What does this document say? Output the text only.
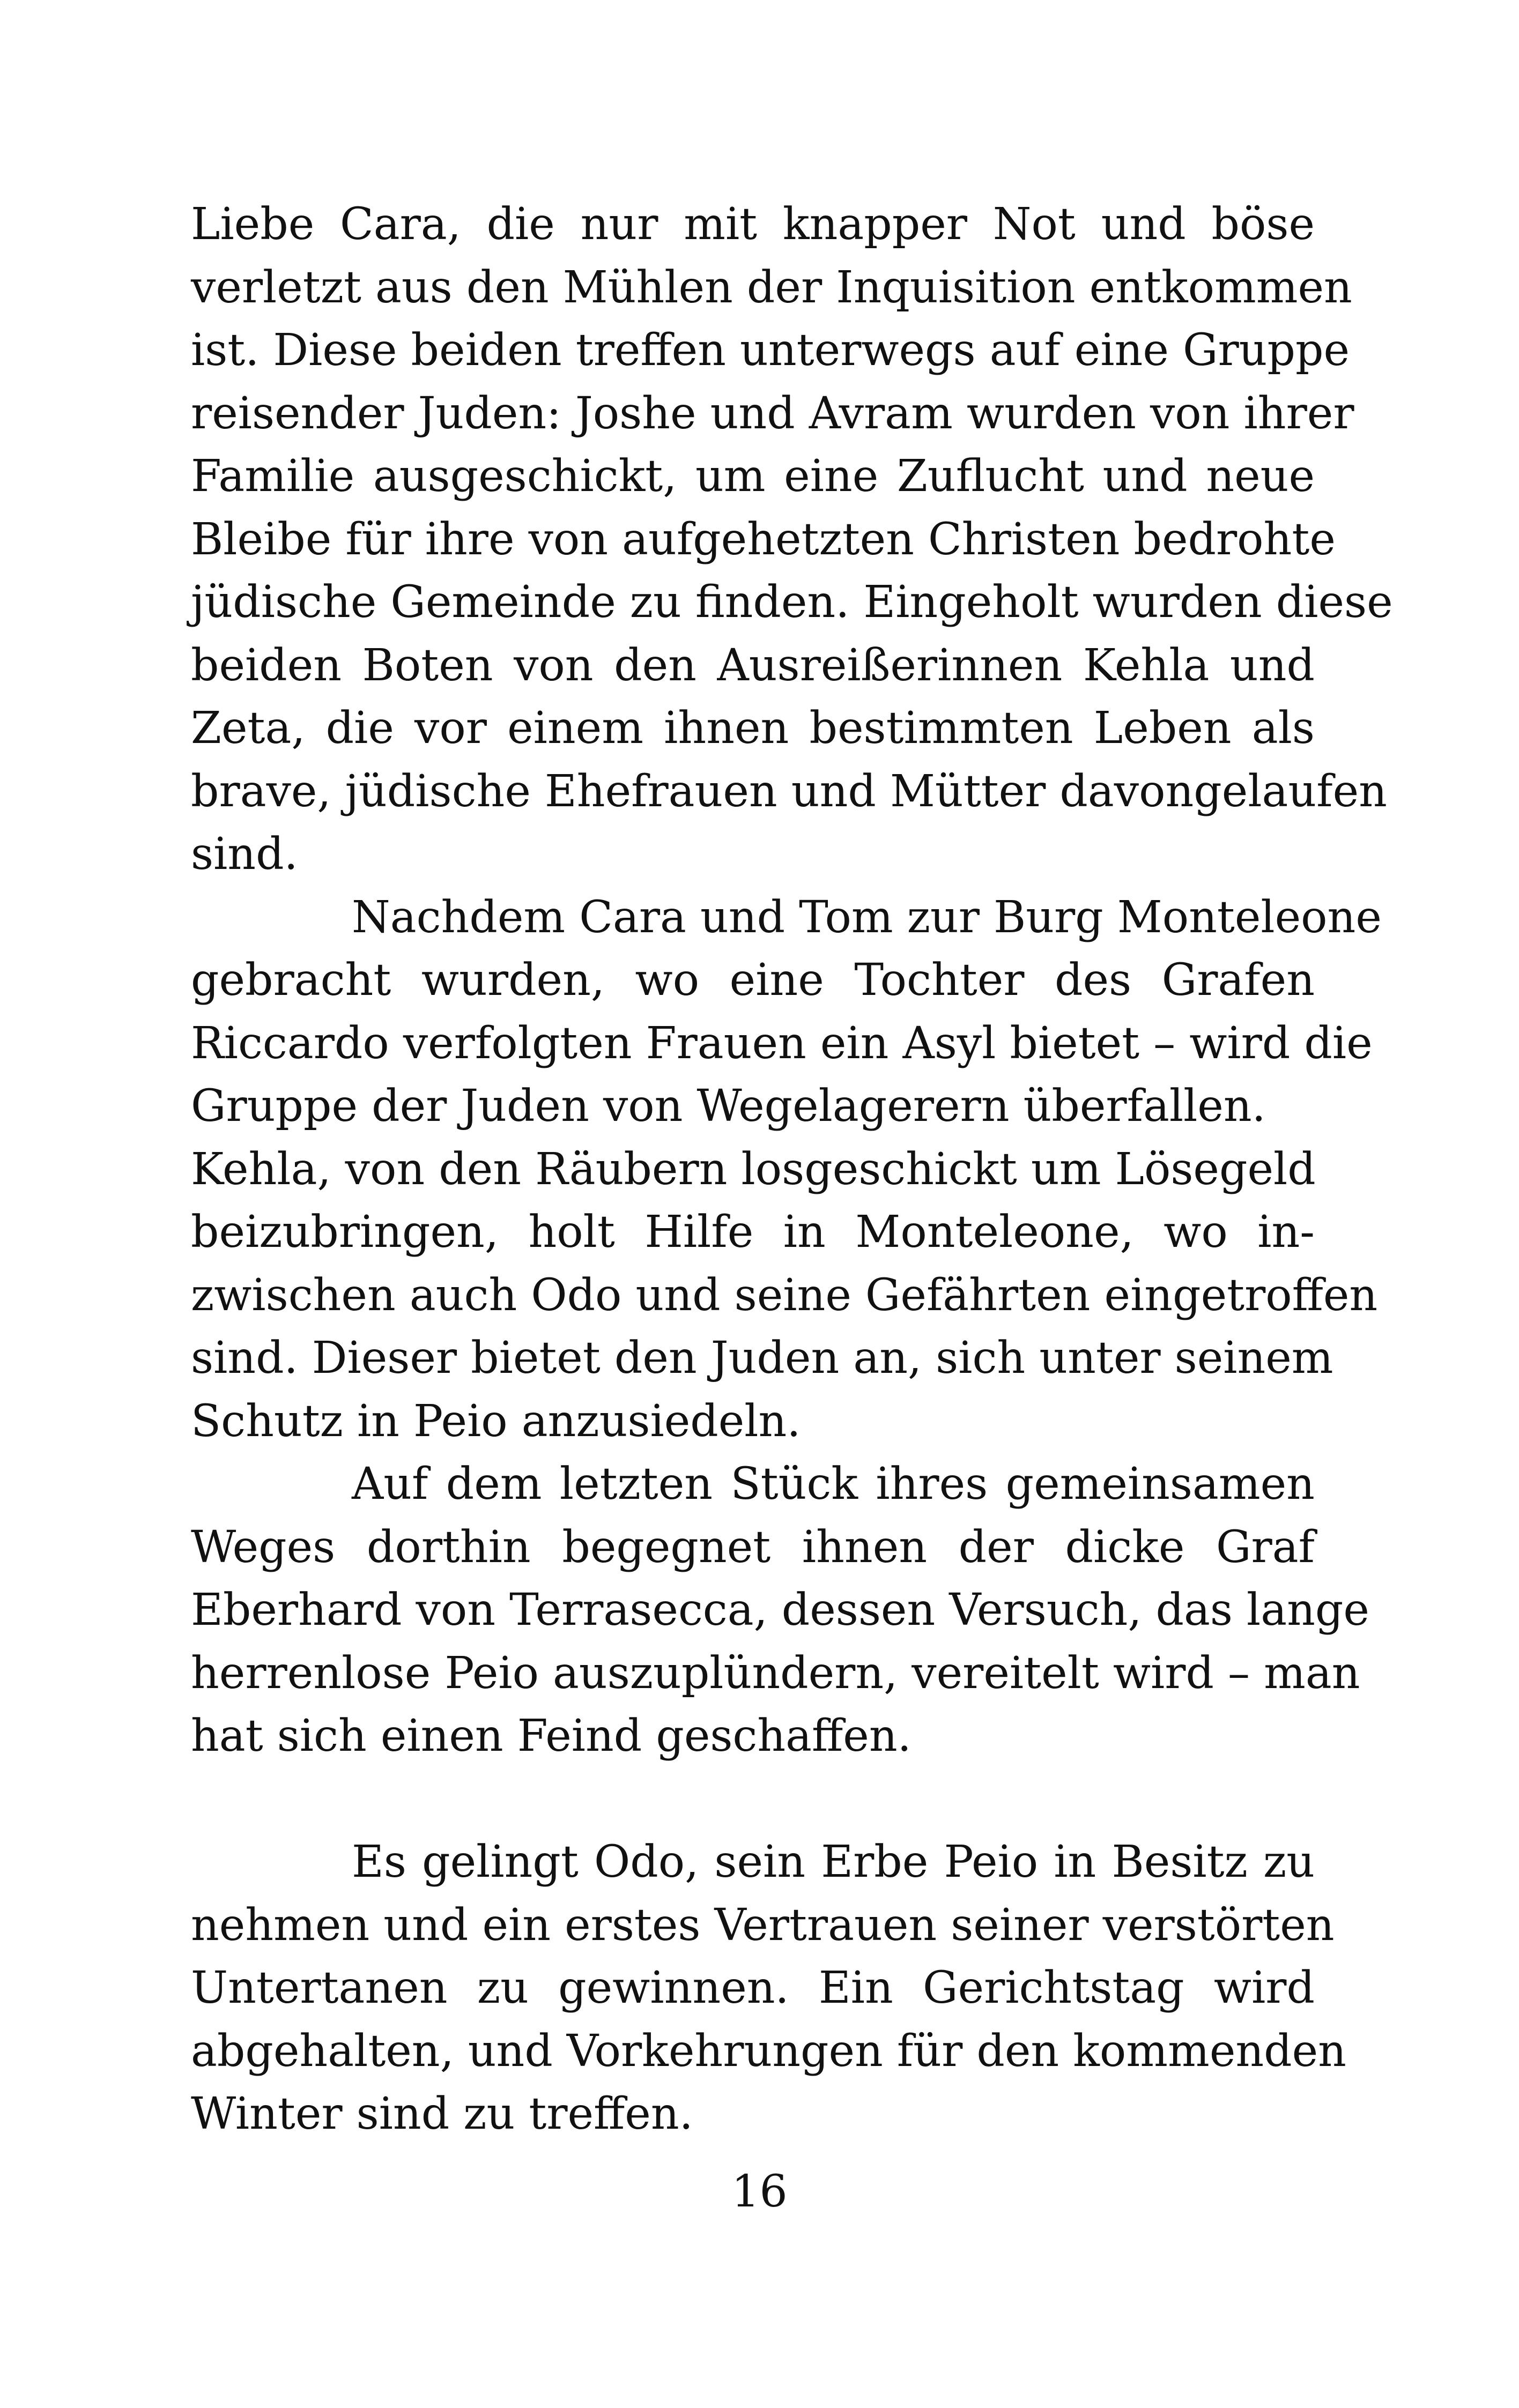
Liebe Cara, die nur mit knapper Not und böse
verletzt aus den Mühlen der Inquisition entkommen
ist. Diese beiden treffen unterwegs auf eine Gruppe
reisender Juden: Joshe und Avram wurden von ihrer
Familie ausgeschickt, um eine Zuflucht und neue
Bleibe für ihre von aufgehetzten Christen bedrohte
jüdische Gemeinde zu finden. Eingeholt wurden diese
beiden Boten von den Ausreißerinnen Kehla und
Zeta, die vor einem ihnen bestimmten Leben als
brave, jüdische Ehefrauen und Mütter davongelaufen
sind.
Nachdem Cara und Tom zur Burg Monteleone
gebracht wurden, wo eine Tochter des Grafen
Riccardo verfolgten Frauen ein Asyl bietet – wird die
Gruppe der Juden von Wegelagerern überfallen.
Kehla, von den Räubern losgeschickt um Lösegeld
beizubringen, holt Hilfe in Monteleone, wo in-
zwischen auch Odo und seine Gefährten eingetroffen
sind. Dieser bietet den Juden an, sich unter seinem
Schutz in Peio anzusiedeln.
Auf dem letzten Stück ihres gemeinsamen
Weges dorthin begegnet ihnen der dicke Graf
Eberhard von Terrasecca, dessen Versuch, das lange
herrenlose Peio auszuplündern, vereitelt wird – man
hat sich einen Feind geschaffen.
Es gelingt Odo, sein Erbe Peio in Besitz zu
nehmen und ein erstes Vertrauen seiner verstörten
Untertanen zu gewinnen. Ein Gerichtstag wird
abgehalten, und Vorkehrungen für den kommenden
Winter sind zu treffen.
16
